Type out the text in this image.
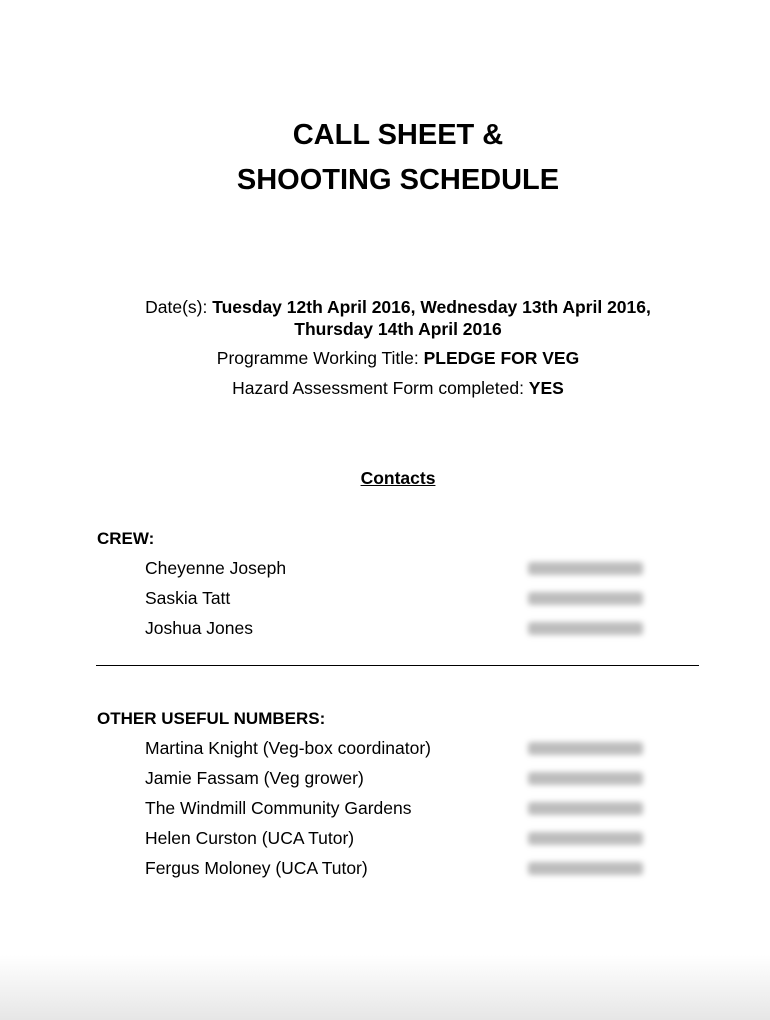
CALL SHEET &
SHOOTING SCHEDULE
Date(s): Tuesday 12th April 2016, Wednesday 13th April 2016,
Thursday 14th April 2016
Programme Working Title: PLEDGE FOR VEG
Hazard Assessment Form completed: YES
Contacts
CREW:
Cheyenne Joseph
Saskia Tatt
Joshua Jones
OTHER USEFUL NUMBERS:
Martina Knight (Veg-box coordinator)
Jamie Fassam (Veg grower)
The Windmill Community Gardens
Helen Curston (UCA Tutor)
Fergus Moloney (UCA Tutor)
